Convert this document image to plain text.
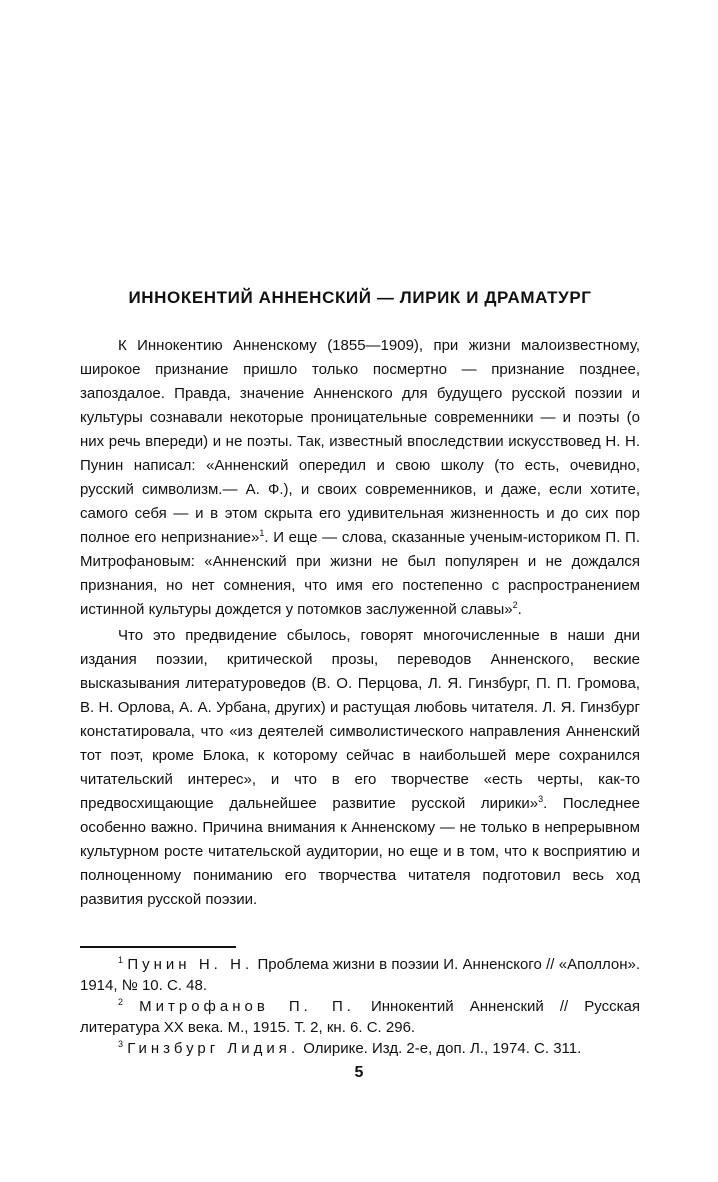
ИННОКЕНТИЙ АННЕНСКИЙ — ЛИРИК И ДРАМАТУРГ

К Иннокентию Анненскому (1855—1909), при жизни малоизвестному, широкое признание пришло только посмертно — признание позднее, запоздалое. Правда, значение Анненского для будущего русской поэзии и культуры сознавали некоторые проницательные современники — и поэты (о них речь впереди) и не поэты. Так, известный впоследствии искусствовед Н. Н. Пунин написал: «Анненский опередил и свою школу (то есть, очевидно, русский символизм.— А. Ф.), и своих современников, и даже, если хотите, самого себя — и в этом скрыта его удивительная жизненность и до сих пор полное его непризнание»$^1$. И еще — слова, сказанные ученым-историком П. П. Митрофановым: «Анненский при жизни не был популярен и не дождался признания, но нет сомнения, что имя его постепенно с распространением истинной культуры дождется у потомков заслуженной славы»$^2$.

Что это предвидение сбылось, говорят многочисленные в наши дни издания поэзии, критической прозы, переводов Анненского, веские высказывания литературоведов (В. О. Перцова, Л. Я. Гинзбург, П. П. Громова, В. Н. Орлова, А. А. Урбана, других) и растущая любовь читателя. Л. Я. Гинзбург констатировала, что «из деятелей символистического направления Анненский тот поэт, кроме Блока, к которому сейчас в наибольшей мере сохранился читательский интерес», и что в его творчестве «есть черты, как-то предвосхищающие дальнейшее развитие русской лирики»$^3$. Последнее особенно важно. Причина внимания к Анненскому — не только в непрерывном культурном росте читательской аудитории, но еще и в том, что к восприятию и полноценному пониманию его творчества читателя подготовил весь ход развития русской поэзии.

$^1$ Пунин Н. Н. Проблема жизни в поэзии И. Анненского // «Аполлон». 1914, № 10. С. 48.

$^2$ Митрофанов П. П. Иннокентий Анненский // Русская литература XX века. М., 1915. Т. 2, кн. 6. С. 296.

$^3$ Гинзбург Лидия. Олирике. Изд. 2-е, доп. Л., 1974. С. 311.

5
